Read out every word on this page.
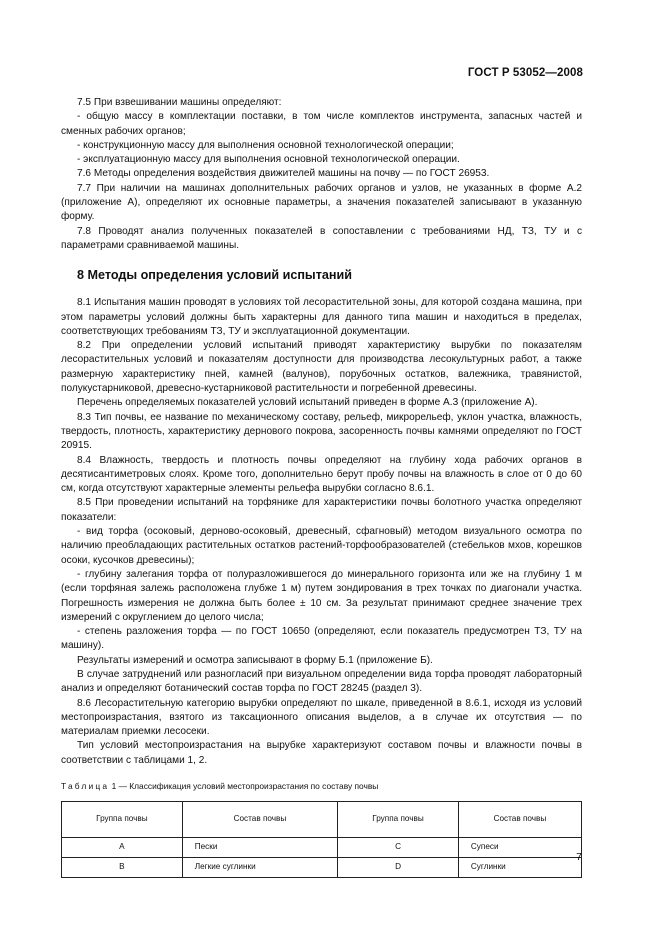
ГОСТ Р 53052—2008

7.5 При взвешивании машины определяют:

- общую массу в комплектации поставки, в том числе комплектов инструмента, запасных частей и сменных рабочих органов;

- конструкционную массу для выполнения основной технологической операции;

- эксплуатационную массу для выполнения основной технологической операции.

7.6 Методы определения воздействия движителей машины на почву — по ГОСТ 26953.

7.7 При наличии на машинах дополнительных рабочих органов и узлов, не указанных в форме А.2 (приложение А), определяют их основные параметры, а значения показателей записывают в указанную форму.

7.8 Проводят анализ полученных показателей в сопоставлении с требованиями НД, ТЗ, ТУ и с параметрами сравниваемой машины.

8 Методы определения условий испытаний

8.1 Испытания машин проводят в условиях той лесорастительной зоны, для которой создана машина, при этом параметры условий должны быть характерны для данного типа машин и находиться в пределах, соответствующих требованиям ТЗ, ТУ и эксплуатационной документации.

8.2 При определении условий испытаний приводят характеристику вырубки по показателям лесорастительных условий и показателям доступности для производства лесокультурных работ, а также размерную характеристику пней, камней (валунов), порубочных остатков, валежника, травянистой, полукустарниковой, древесно-кустарниковой растительности и погребенной древесины.

Перечень определяемых показателей условий испытаний приведен в форме А.3 (приложение А).

8.3 Тип почвы, ее название по механическому составу, рельеф, микрорельеф, уклон участка, влажность, твердость, плотность, характеристику дернового покрова, засоренность почвы камнями определяют по ГОСТ 20915.

8.4 Влажность, твердость и плотность почвы определяют на глубину хода рабочих органов в десятисантиметровых слоях. Кроме того, дополнительно берут пробу почвы на влажность в слое от 0 до 60 см, когда отсутствуют характерные элементы рельефа вырубки согласно 8.6.1.

8.5 При проведении испытаний на торфянике для характеристики почвы болотного участка определяют показатели:

- вид торфа (осоковый, дерново-осоковый, древесный, сфагновый) методом визуального осмотра по наличию преобладающих растительных остатков растений-торфообразователей (стебельков мхов, корешков осоки, кусочков древесины);

- глубину залегания торфа от полуразложившегося до минерального горизонта или же на глубину 1 м (если торфяная залежь расположена глубже 1 м) путем зондирования в трех точках по диагонали участка. Погрешность измерения не должна быть более ± 10 см. За результат принимают среднее значение трех измерений с округлением до целого числа;

- степень разложения торфа — по ГОСТ 10650 (определяют, если показатель предусмотрен ТЗ, ТУ на машину).

Результаты измерений и осмотра записывают в форму Б.1 (приложение Б).

В случае затруднений или разногласий при визуальном определении вида торфа проводят лабораторный анализ и определяют ботанический состав торфа по ГОСТ 28245 (раздел 3).

8.6 Лесорастительную категорию вырубки определяют по шкале, приведенной в 8.6.1, исходя из условий местопроизрастания, взятого из таксационного описания выделов, а в случае их отсутствия — по материалам приемки лесосеки.

Тип условий местопроизрастания на вырубке характеризуют составом почвы и влажности почвы в соответствии с таблицами 1, 2.

Таблица 1 — Классификация условий местопроизрастания по составу почвы
Группа почвы	Состав почвы	Группа почвы	Состав почвы
А	Пески	С	Супеси
В	Легкие суглинки	D	Суглинки
7
